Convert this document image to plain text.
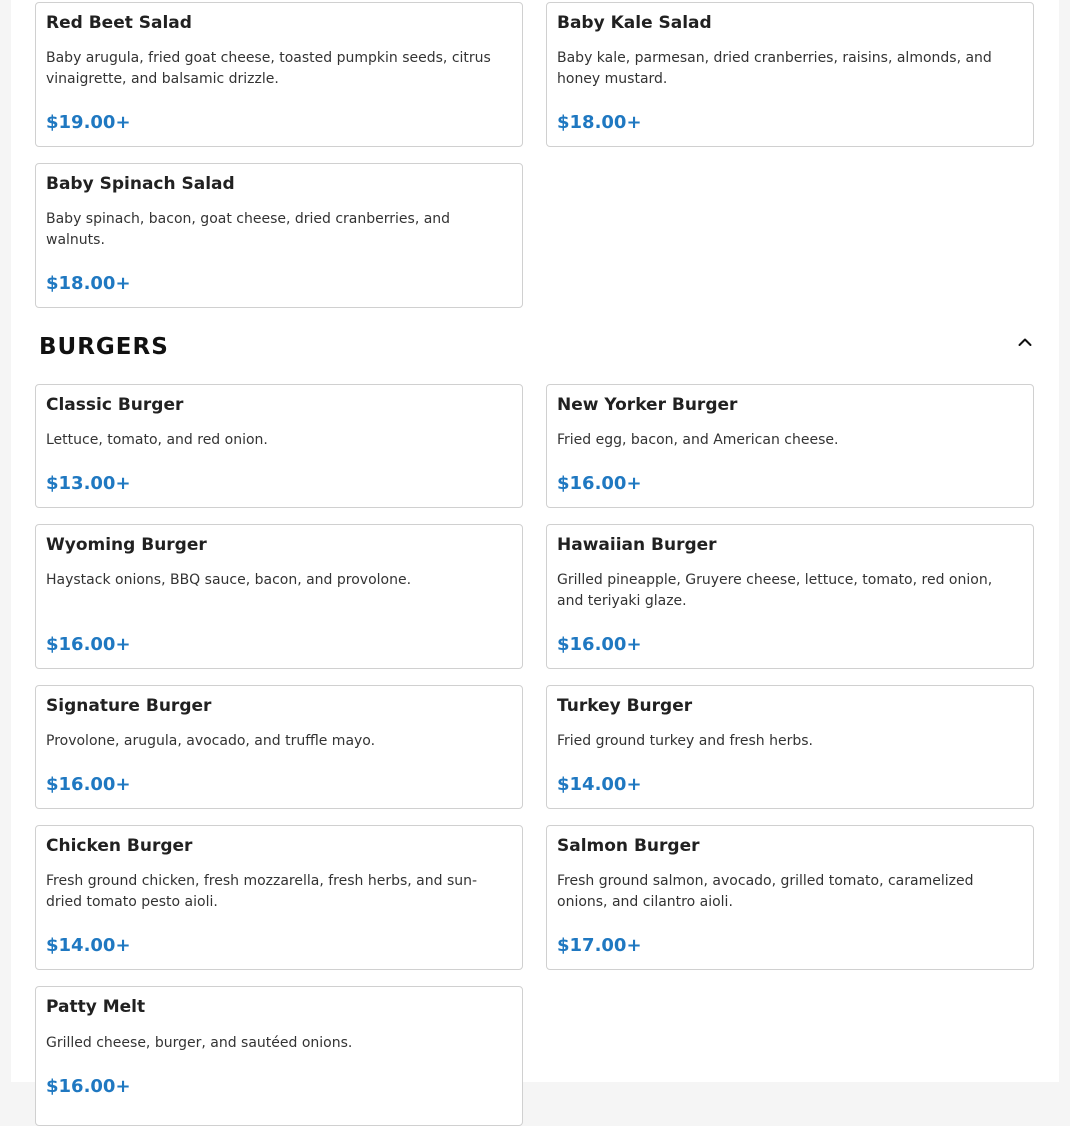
Red Beet Salad
Baby arugula, fried goat cheese, toasted pumpkin seeds, citrus vinaigrette, and balsamic drizzle.
$19.00+
Baby Kale Salad
Baby kale, parmesan, dried cranberries, raisins, almonds, and honey mustard.
$18.00+
Baby Spinach Salad
Baby spinach, bacon, goat cheese, dried cranberries, and walnuts.
$18.00+
BURGERS
Classic Burger
Lettuce, tomato, and red onion.
$13.00+
New Yorker Burger
Fried egg, bacon, and American cheese.
$16.00+
Wyoming Burger
Haystack onions, BBQ sauce, bacon, and provolone.
$16.00+
Hawaiian Burger
Grilled pineapple, Gruyere cheese, lettuce, tomato, red onion, and teriyaki glaze.
$16.00+
Signature Burger
Provolone, arugula, avocado, and truffle mayo.
$16.00+
Turkey Burger
Fried ground turkey and fresh herbs.
$14.00+
Chicken Burger
Fresh ground chicken, fresh mozzarella, fresh herbs, and sun-dried tomato pesto aioli.
$14.00+
Salmon Burger
Fresh ground salmon, avocado, grilled tomato, caramelized onions, and cilantro aioli.
$17.00+
Patty Melt
Grilled cheese, burger, and sautéed onions.
$16.00+
